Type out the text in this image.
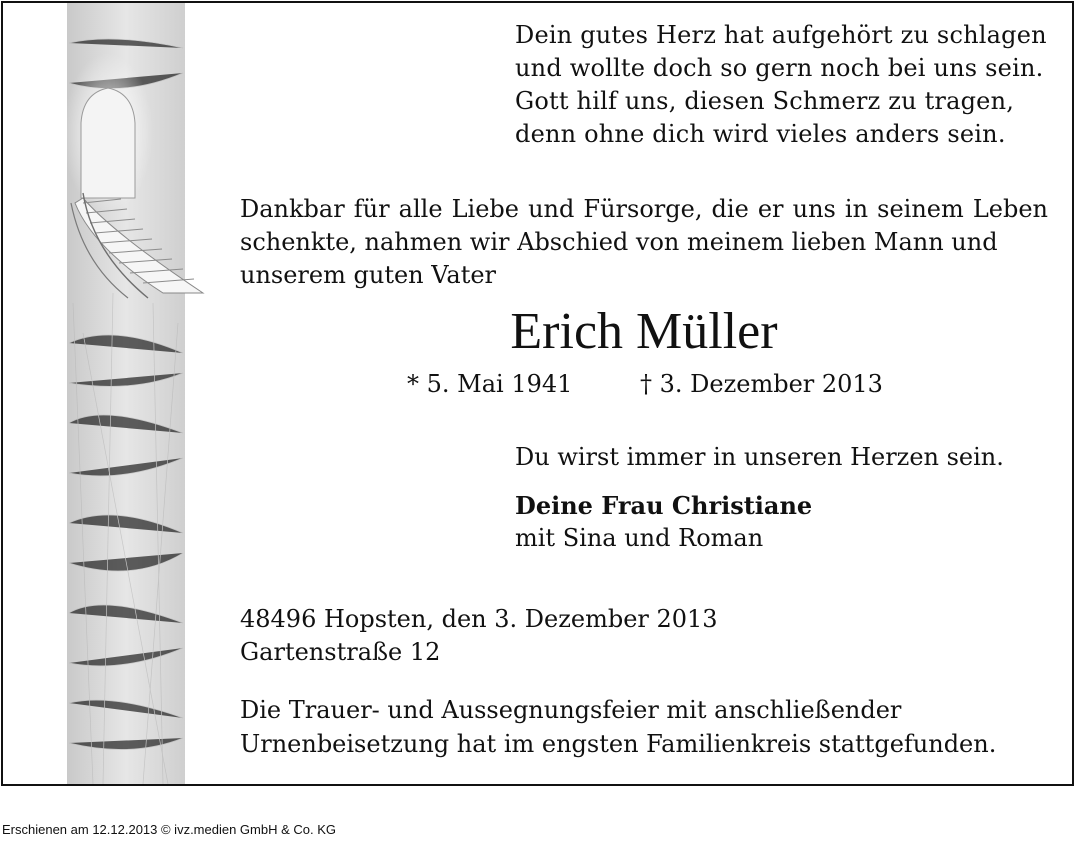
Dein gutes Herz hat aufgehört zu schlagen
und wollte doch so gern noch bei uns sein.
Gott hilf uns, diesen Schmerz zu tragen,
denn ohne dich wird vieles anders sein.
Dankbar für alle Liebe und Fürsorge, die er uns in seinem Leben schenkte, nahmen wir Abschied von meinem lieben Mann und
unserem guten Vater
Erich Müller
* 5. Mai 1941	† 3. Dezember 2013
Du wirst immer in unseren Herzen sein.
Deine Frau Christiane
mit Sina und Roman
48496 Hopsten, den 3. Dezember 2013
Gartenstraße 12
Die Trauer- und Aussegnungsfeier mit anschließender Urnenbeisetzung hat im engsten Familienkreis stattgefunden.
Erschienen am 12.12.2013 © ivz.medien GmbH & Co. KG
